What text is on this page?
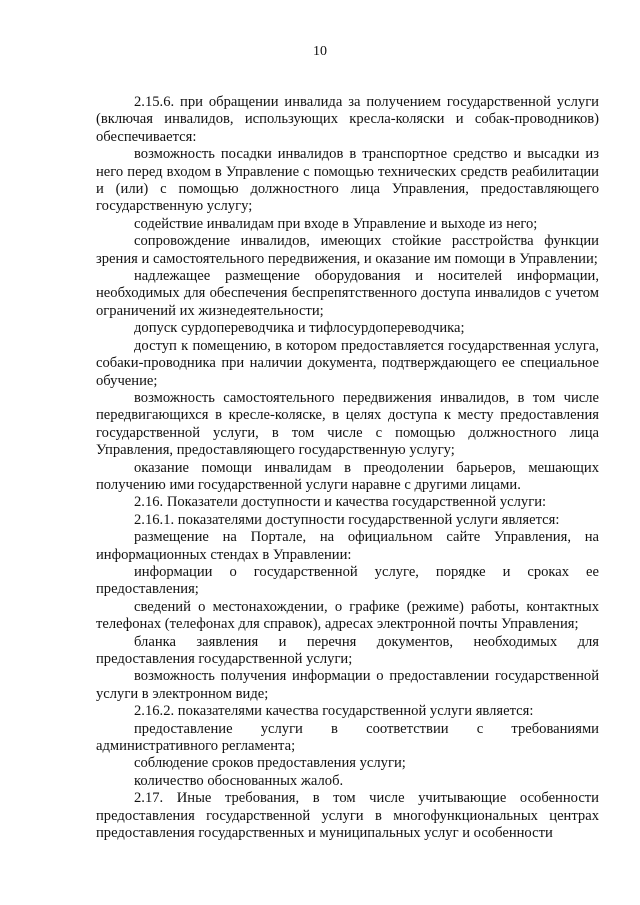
10

2.15.6. при обращении инвалида за получением государственной услуги (включая инвалидов, использующих кресла-коляски и собак-проводников) обеспечивается:

возможность посадки инвалидов в транспортное средство и высадки из него перед входом в Управление с помощью технических средств реабилитации и (или) с помощью должностного лица Управления, предоставляющего государственную услугу;

содействие инвалидам при входе в Управление и выходе из него;

сопровождение инвалидов, имеющих стойкие расстройства функции зрения и самостоятельного передвижения, и оказание им помощи в Управлении;

надлежащее размещение оборудования и носителей информации, необходимых для обеспечения беспрепятственного доступа инвалидов с учетом ограничений их жизнедеятельности;

допуск сурдопереводчика и тифлосурдопереводчика;

доступ к помещению, в котором предоставляется государственная услуга, собаки-проводника при наличии документа, подтверждающего ее специальное обучение;

возможность самостоятельного передвижения инвалидов, в том числе передвигающихся в кресле-коляске, в целях доступа к месту предоставления государственной услуги, в том числе с помощью должностного лица Управления, предоставляющего государственную услугу;

оказание помощи инвалидам в преодолении барьеров, мешающих получению ими государственной услуги наравне с другими лицами.

2.16. Показатели доступности и качества государственной услуги:

2.16.1. показателями доступности государственной услуги является:

размещение на Портале, на официальном сайте Управления, на информационных стендах в Управлении:

информации о государственной услуге, порядке и сроках ее предоставления;

сведений о местонахождении, о графике (режиме) работы, контактных телефонах (телефонах для справок), адресах электронной почты Управления;

бланка заявления и перечня документов, необходимых для предоставления государственной услуги;

возможность получения информации о предоставлении государственной услуги в электронном виде;

2.16.2. показателями качества государственной услуги является:

предоставление услуги в соответствии с требованиями административного регламента;

соблюдение сроков предоставления услуги;

количество обоснованных жалоб.

2.17. Иные требования, в том числе учитывающие особенности предоставления государственной услуги в многофункциональных центрах предоставления государственных и муниципальных услуг и особенности
